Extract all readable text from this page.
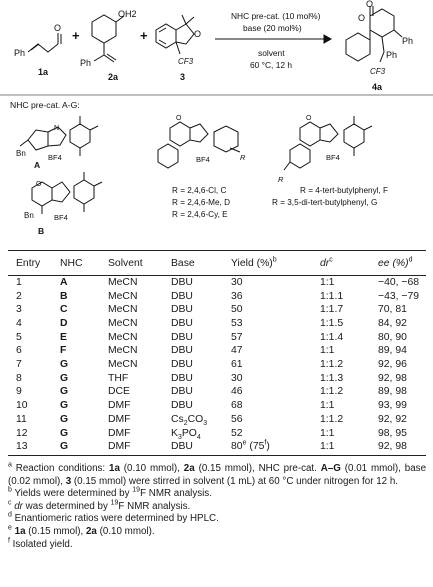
O
Ph
1a
+
OH2
Ph
2a
+	O
CF3
3
NHC pre-cat. (10 mol%)
base (20 mol%)
solvent
60 °C, 12 h
O
O
Ph
Ph
CF3
4a
NHC pre-cat. A-G:
N
Bn	BF4
A
O
Bn	BF4
B
O
R
BF4
R = 2,4,6-Cl, C
R = 2,4,6-Me, D
R = 2,4,6-Cy, E
O
R
BF4
R = 4-tert-butylphenyl, F
R = 3,5-di-tert-butylphenyl, G
Entry	NHC	Solvent	Base	Yield (%)$^b$	$dr^c$	ee (%)$^d$
1	A	MeCN	DBU	30	1:1	−40, −68
2	B	MeCN	DBU	36	1:1.1	−43, −79
3	C	MeCN	DBU	50	1:1.7	70, 81
4	D	MeCN	DBU	53	1:1.5	84, 92
5	E	MeCN	DBU	57	1:1.4	80, 90
6	F	MeCN	DBU	47	1:1	89, 94
7	G	MeCN	DBU	61	1:1.2	92, 96
8	G	THF	DBU	30	1:1.3	92, 98
9	G	DCE	DBU	46	1:1.2	89, 98
10	G	DMF	DBU	68	1:1	93, 99
11	G	DMF	$Cs_2CO_3$	56	1:1.2	92, 92
12	G	DMF	$K_3PO_4$	52	1:1	98, 95
13	G	DMF	DBU	80e (75$^f$)	1:1	92, 98

$^a$ Reaction conditions: 1a (0.10 mmol), 2a (0.15 mmol), NHC pre-cat. A–G (0.01 mmol), base (0.02 mmol), 3 (0.15 mmol) were stirred in solvent (1 mL) at 60 °C under nitrogen for 12 h.

$^b$ Yields were determined by $^{19}$F NMR analysis.

$^c$ dr was determined by $^{19}$F NMR analysis.

$^d$ Enantiomeric ratios were determined by HPLC.

$^e$ 1a (0.15 mmol), 2a (0.10 mmol).

$^f$ Isolated yield.
